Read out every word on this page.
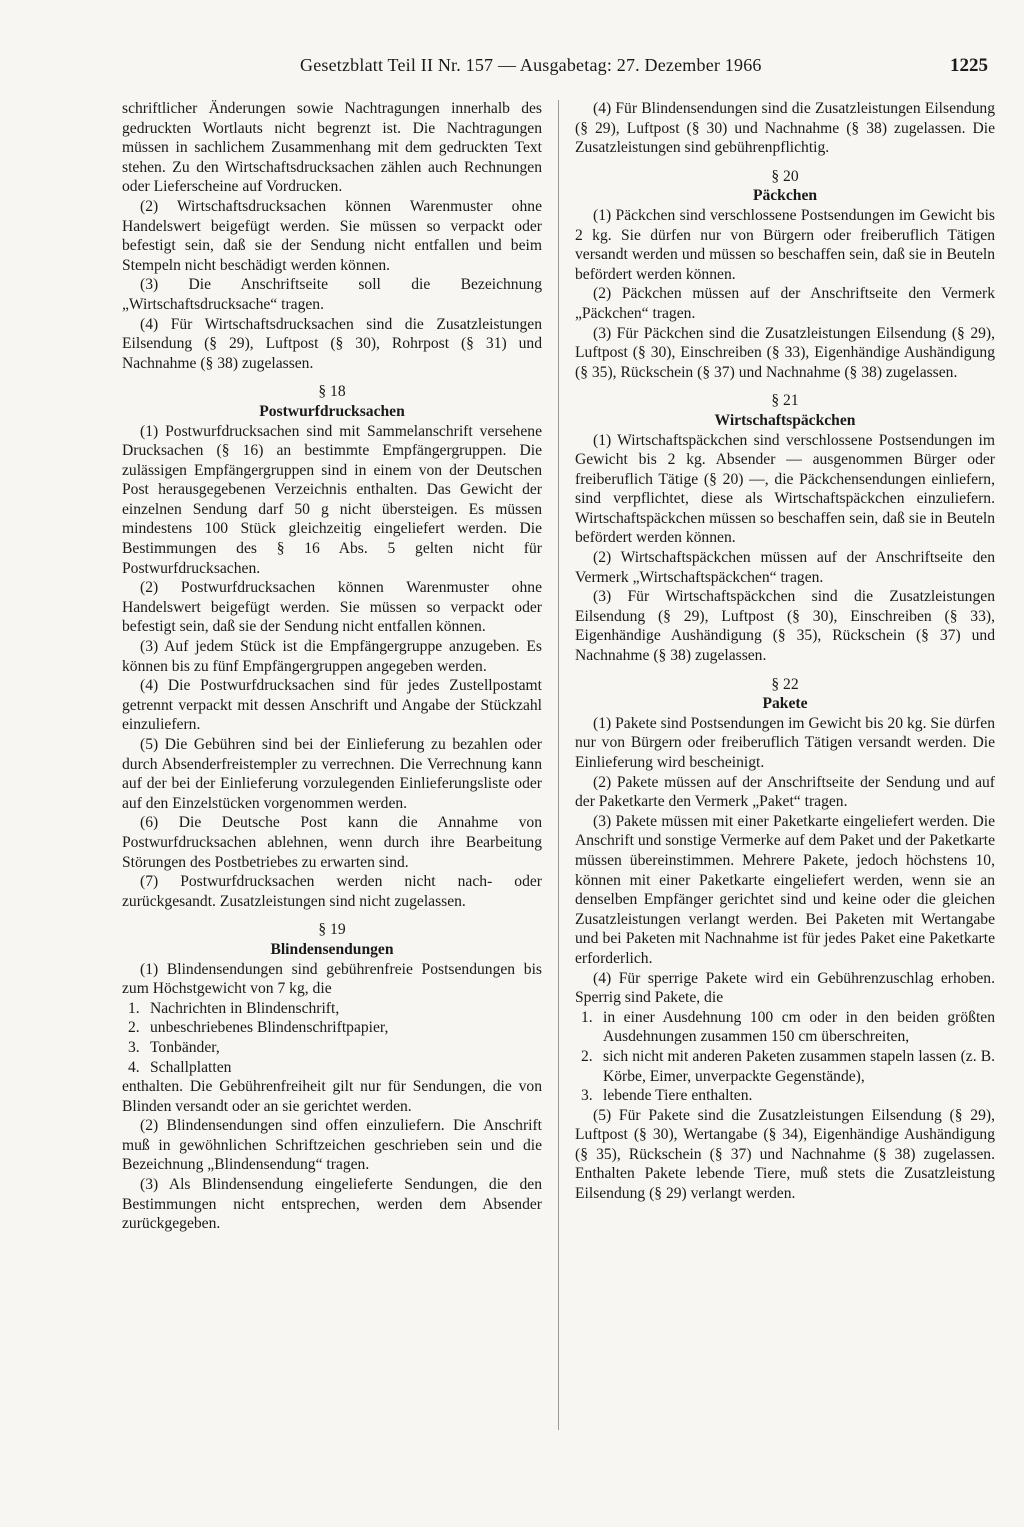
Gesetzblatt Teil II Nr. 157 — Ausgabetag: 27. Dezember 1966	1225

schriftlicher Änderungen sowie Nachtragungen innerhalb des gedruckten Wortlauts nicht begrenzt ist. Die Nachtragungen müssen in sachlichem Zusammenhang mit dem gedruckten Text stehen. Zu den Wirtschaftsdrucksachen zählen auch Rechnungen oder Lieferscheine auf Vordrucken.

(2) Wirtschaftsdrucksachen können Warenmuster ohne Handelswert beigefügt werden. Sie müssen so verpackt oder befestigt sein, daß sie der Sendung nicht entfallen und beim Stempeln nicht beschädigt werden können.

(3) Die Anschriftseite soll die Bezeichnung „Wirtschaftsdrucksache“ tragen.

(4) Für Wirtschaftsdrucksachen sind die Zusatzleistungen Eilsendung (§ 29), Luftpost (§ 30), Rohrpost (§ 31) und Nachnahme (§ 38) zugelassen.

§ 18
Postwurfdrucksachen

(1) Postwurfdrucksachen sind mit Sammelanschrift versehene Drucksachen (§ 16) an bestimmte Empfängergruppen. Die zulässigen Empfängergruppen sind in einem von der Deutschen Post herausgegebenen Verzeichnis enthalten. Das Gewicht der einzelnen Sendung darf 50 g nicht übersteigen. Es müssen mindestens 100 Stück gleichzeitig eingeliefert werden. Die Bestimmungen des § 16 Abs. 5 gelten nicht für Postwurfdrucksachen.

(2) Postwurfdrucksachen können Warenmuster ohne Handelswert beigefügt werden. Sie müssen so verpackt oder befestigt sein, daß sie der Sendung nicht entfallen können.

(3) Auf jedem Stück ist die Empfängergruppe anzugeben. Es können bis zu fünf Empfängergruppen angegeben werden.

(4) Die Postwurfdrucksachen sind für jedes Zustellpostamt getrennt verpackt mit dessen Anschrift und Angabe der Stückzahl einzuliefern.

(5) Die Gebühren sind bei der Einlieferung zu bezahlen oder durch Absenderfreistempler zu verrechnen. Die Verrechnung kann auf der bei der Einlieferung vorzulegenden Einlieferungsliste oder auf den Einzelstücken vorgenommen werden.

(6) Die Deutsche Post kann die Annahme von Postwurfdrucksachen ablehnen, wenn durch ihre Bearbeitung Störungen des Postbetriebes zu erwarten sind.

(7) Postwurfdrucksachen werden nicht nach- oder zurückgesandt. Zusatzleistungen sind nicht zugelassen.

§ 19
Blindensendungen

(1) Blindensendungen sind gebührenfreie Postsendungen bis zum Höchstgewicht von 7 kg, die

1. Nachrichten in Blindenschrift,
2. unbeschriebenes Blindenschriftpapier,
3. Tonbänder,
4. Schallplatten

enthalten. Die Gebührenfreiheit gilt nur für Sendungen, die von Blinden versandt oder an sie gerichtet werden.

(2) Blindensendungen sind offen einzuliefern. Die Anschrift muß in gewöhnlichen Schriftzeichen geschrieben sein und die Bezeichnung „Blindensendung“ tragen.

(3) Als Blindensendung eingelieferte Sendungen, die den Bestimmungen nicht entsprechen, werden dem Absender zurückgegeben.

(4) Für Blindensendungen sind die Zusatzleistungen Eilsendung (§ 29), Luftpost (§ 30) und Nachnahme (§ 38) zugelassen. Die Zusatzleistungen sind gebührenpflichtig.

§ 20
Päckchen

(1) Päckchen sind verschlossene Postsendungen im Gewicht bis 2 kg. Sie dürfen nur von Bürgern oder freiberuflich Tätigen versandt werden und müssen so beschaffen sein, daß sie in Beuteln befördert werden können.

(2) Päckchen müssen auf der Anschriftseite den Vermerk „Päckchen“ tragen.

(3) Für Päckchen sind die Zusatzleistungen Eilsendung (§ 29), Luftpost (§ 30), Einschreiben (§ 33), Eigenhändige Aushändigung (§ 35), Rückschein (§ 37) und Nachnahme (§ 38) zugelassen.

§ 21
Wirtschaftspäckchen

(1) Wirtschaftspäckchen sind verschlossene Postsendungen im Gewicht bis 2 kg. Absender — ausgenommen Bürger oder freiberuflich Tätige (§ 20) —, die Päckchensendungen einliefern, sind verpflichtet, diese als Wirtschaftspäckchen einzuliefern. Wirtschaftspäckchen müssen so beschaffen sein, daß sie in Beuteln befördert werden können.

(2) Wirtschaftspäckchen müssen auf der Anschriftseite den Vermerk „Wirtschaftspäckchen“ tragen.

(3) Für Wirtschaftspäckchen sind die Zusatzleistungen Eilsendung (§ 29), Luftpost (§ 30), Einschreiben (§ 33), Eigenhändige Aushändigung (§ 35), Rückschein (§ 37) und Nachnahme (§ 38) zugelassen.

§ 22
Pakete

(1) Pakete sind Postsendungen im Gewicht bis 20 kg. Sie dürfen nur von Bürgern oder freiberuflich Tätigen versandt werden. Die Einlieferung wird bescheinigt.

(2) Pakete müssen auf der Anschriftseite der Sendung und auf der Paketkarte den Vermerk „Paket“ tragen.

(3) Pakete müssen mit einer Paketkarte eingeliefert werden. Die Anschrift und sonstige Vermerke auf dem Paket und der Paketkarte müssen übereinstimmen. Mehrere Pakete, jedoch höchstens 10, können mit einer Paketkarte eingeliefert werden, wenn sie an denselben Empfänger gerichtet sind und keine oder die gleichen Zusatzleistungen verlangt werden. Bei Paketen mit Wertangabe und bei Paketen mit Nachnahme ist für jedes Paket eine Paketkarte erforderlich.

(4) Für sperrige Pakete wird ein Gebührenzuschlag erhoben. Sperrig sind Pakete, die

1. in einer Ausdehnung 100 cm oder in den beiden größten Ausdehnungen zusammen 150 cm überschreiten,
2. sich nicht mit anderen Paketen zusammen stapeln lassen (z. B. Körbe, Eimer, unverpackte Gegenstände),
3. lebende Tiere enthalten.

(5) Für Pakete sind die Zusatzleistungen Eilsendung (§ 29), Luftpost (§ 30), Wertangabe (§ 34), Eigenhändige Aushändigung (§ 35), Rückschein (§ 37) und Nachnahme (§ 38) zugelassen. Enthalten Pakete lebende Tiere, muß stets die Zusatzleistung Eilsendung (§ 29) verlangt werden.
